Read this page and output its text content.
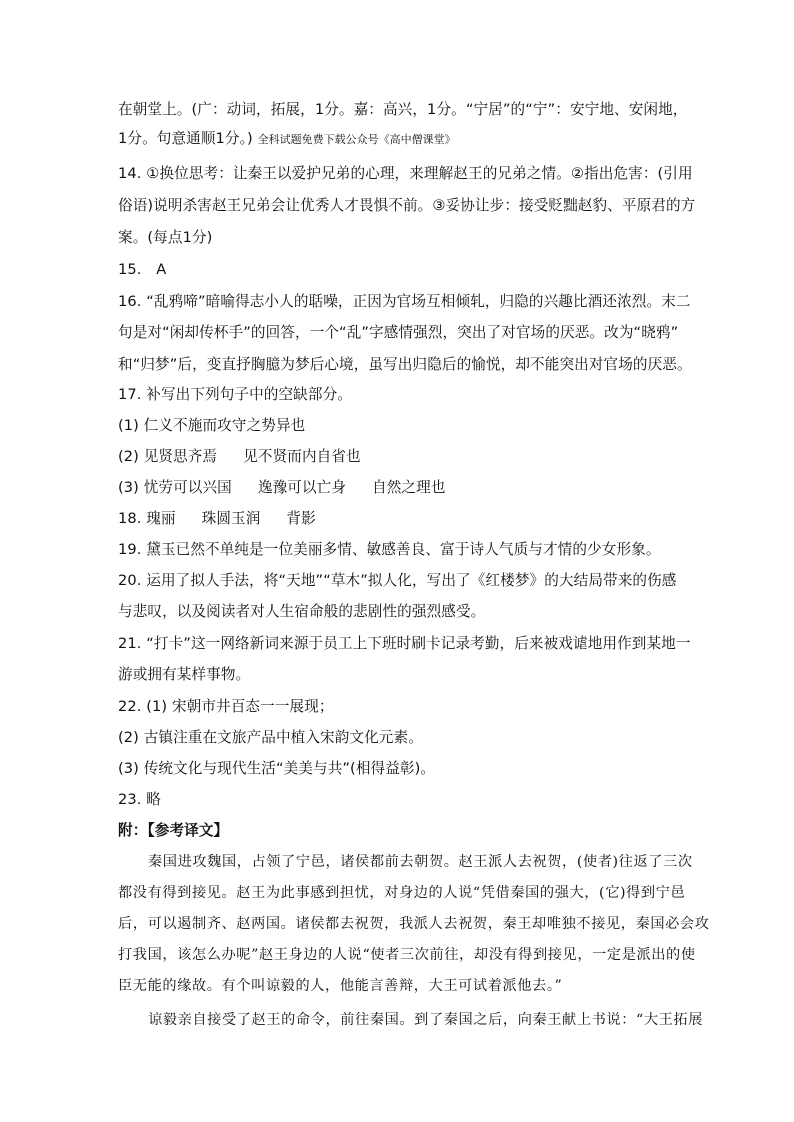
在朝堂上。(广：动词，拓展，1分。嘉：高兴，1分。“宁居”的“宁”：安宁地、安闲地，
1分。句意通顺1分。) 全科试题免费下载公众号《高中僧课堂》
14. ①换位思考：让秦王以爱护兄弟的心理，来理解赵王的兄弟之情。②指出危害：(引用
俗语)说明杀害赵王兄弟会让优秀人才畏惧不前。③妥协让步：接受贬黜赵豹、平原君的方
案。(每点1分)
15.　A
16. “乱鸦啼”暗喻得志小人的聒噪，正因为官场互相倾轧，归隐的兴趣比酒还浓烈。末二
句是对“闲却传杯手”的回答，一个“乱”字感情强烈，突出了对官场的厌恶。改为“晓鸦”
和“归梦”后，变直抒胸臆为梦后心境，虽写出归隐后的愉悦，却不能突出对官场的厌恶。
17. 补写出下列句子中的空缺部分。
(1) 仁义不施而攻守之势异也
(2) 见贤思齐焉 见不贤而内自省也
(3) 忧劳可以兴国 逸豫可以亡身 自然之理也
18. 瑰丽 珠圆玉润 背影
19. 黛玉已然不单纯是一位美丽多情、敏感善良、富于诗人气质与才情的少女形象。
20. 运用了拟人手法，将“天地”“草木”拟人化，写出了《红楼梦》的大结局带来的伤感
与悲叹，以及阅读者对人生宿命般的悲剧性的强烈感受。
21. “打卡”这一网络新词来源于员工上下班时刷卡记录考勤，后来被戏谑地用作到某地一
游或拥有某样事物。
22. (1) 宋朝市井百态一一展现；
(2) 古镇注重在文旅产品中植入宋韵文化元素。
(3) 传统文化与现代生活“美美与共”(相得益彰)。
23. 略
附：【参考译文】
秦国进攻魏国，占领了宁邑，诸侯都前去朝贺。赵王派人去祝贺，(使者)往返了三次
都没有得到接见。赵王为此事感到担忧，对身边的人说“凭借秦国的强大，(它)得到宁邑
后，可以遏制齐、赵两国。诸侯都去祝贺，我派人去祝贺，秦王却唯独不接见，秦国必会攻
打我国，该怎么办呢”赵王身边的人说“使者三次前往，却没有得到接见，一定是派出的使
臣无能的缘故。有个叫谅毅的人，他能言善辩，大王可试着派他去。”
谅毅亲自接受了赵王的命令，前往秦国。到了秦国之后，向秦王献上书说：“大王拓展
